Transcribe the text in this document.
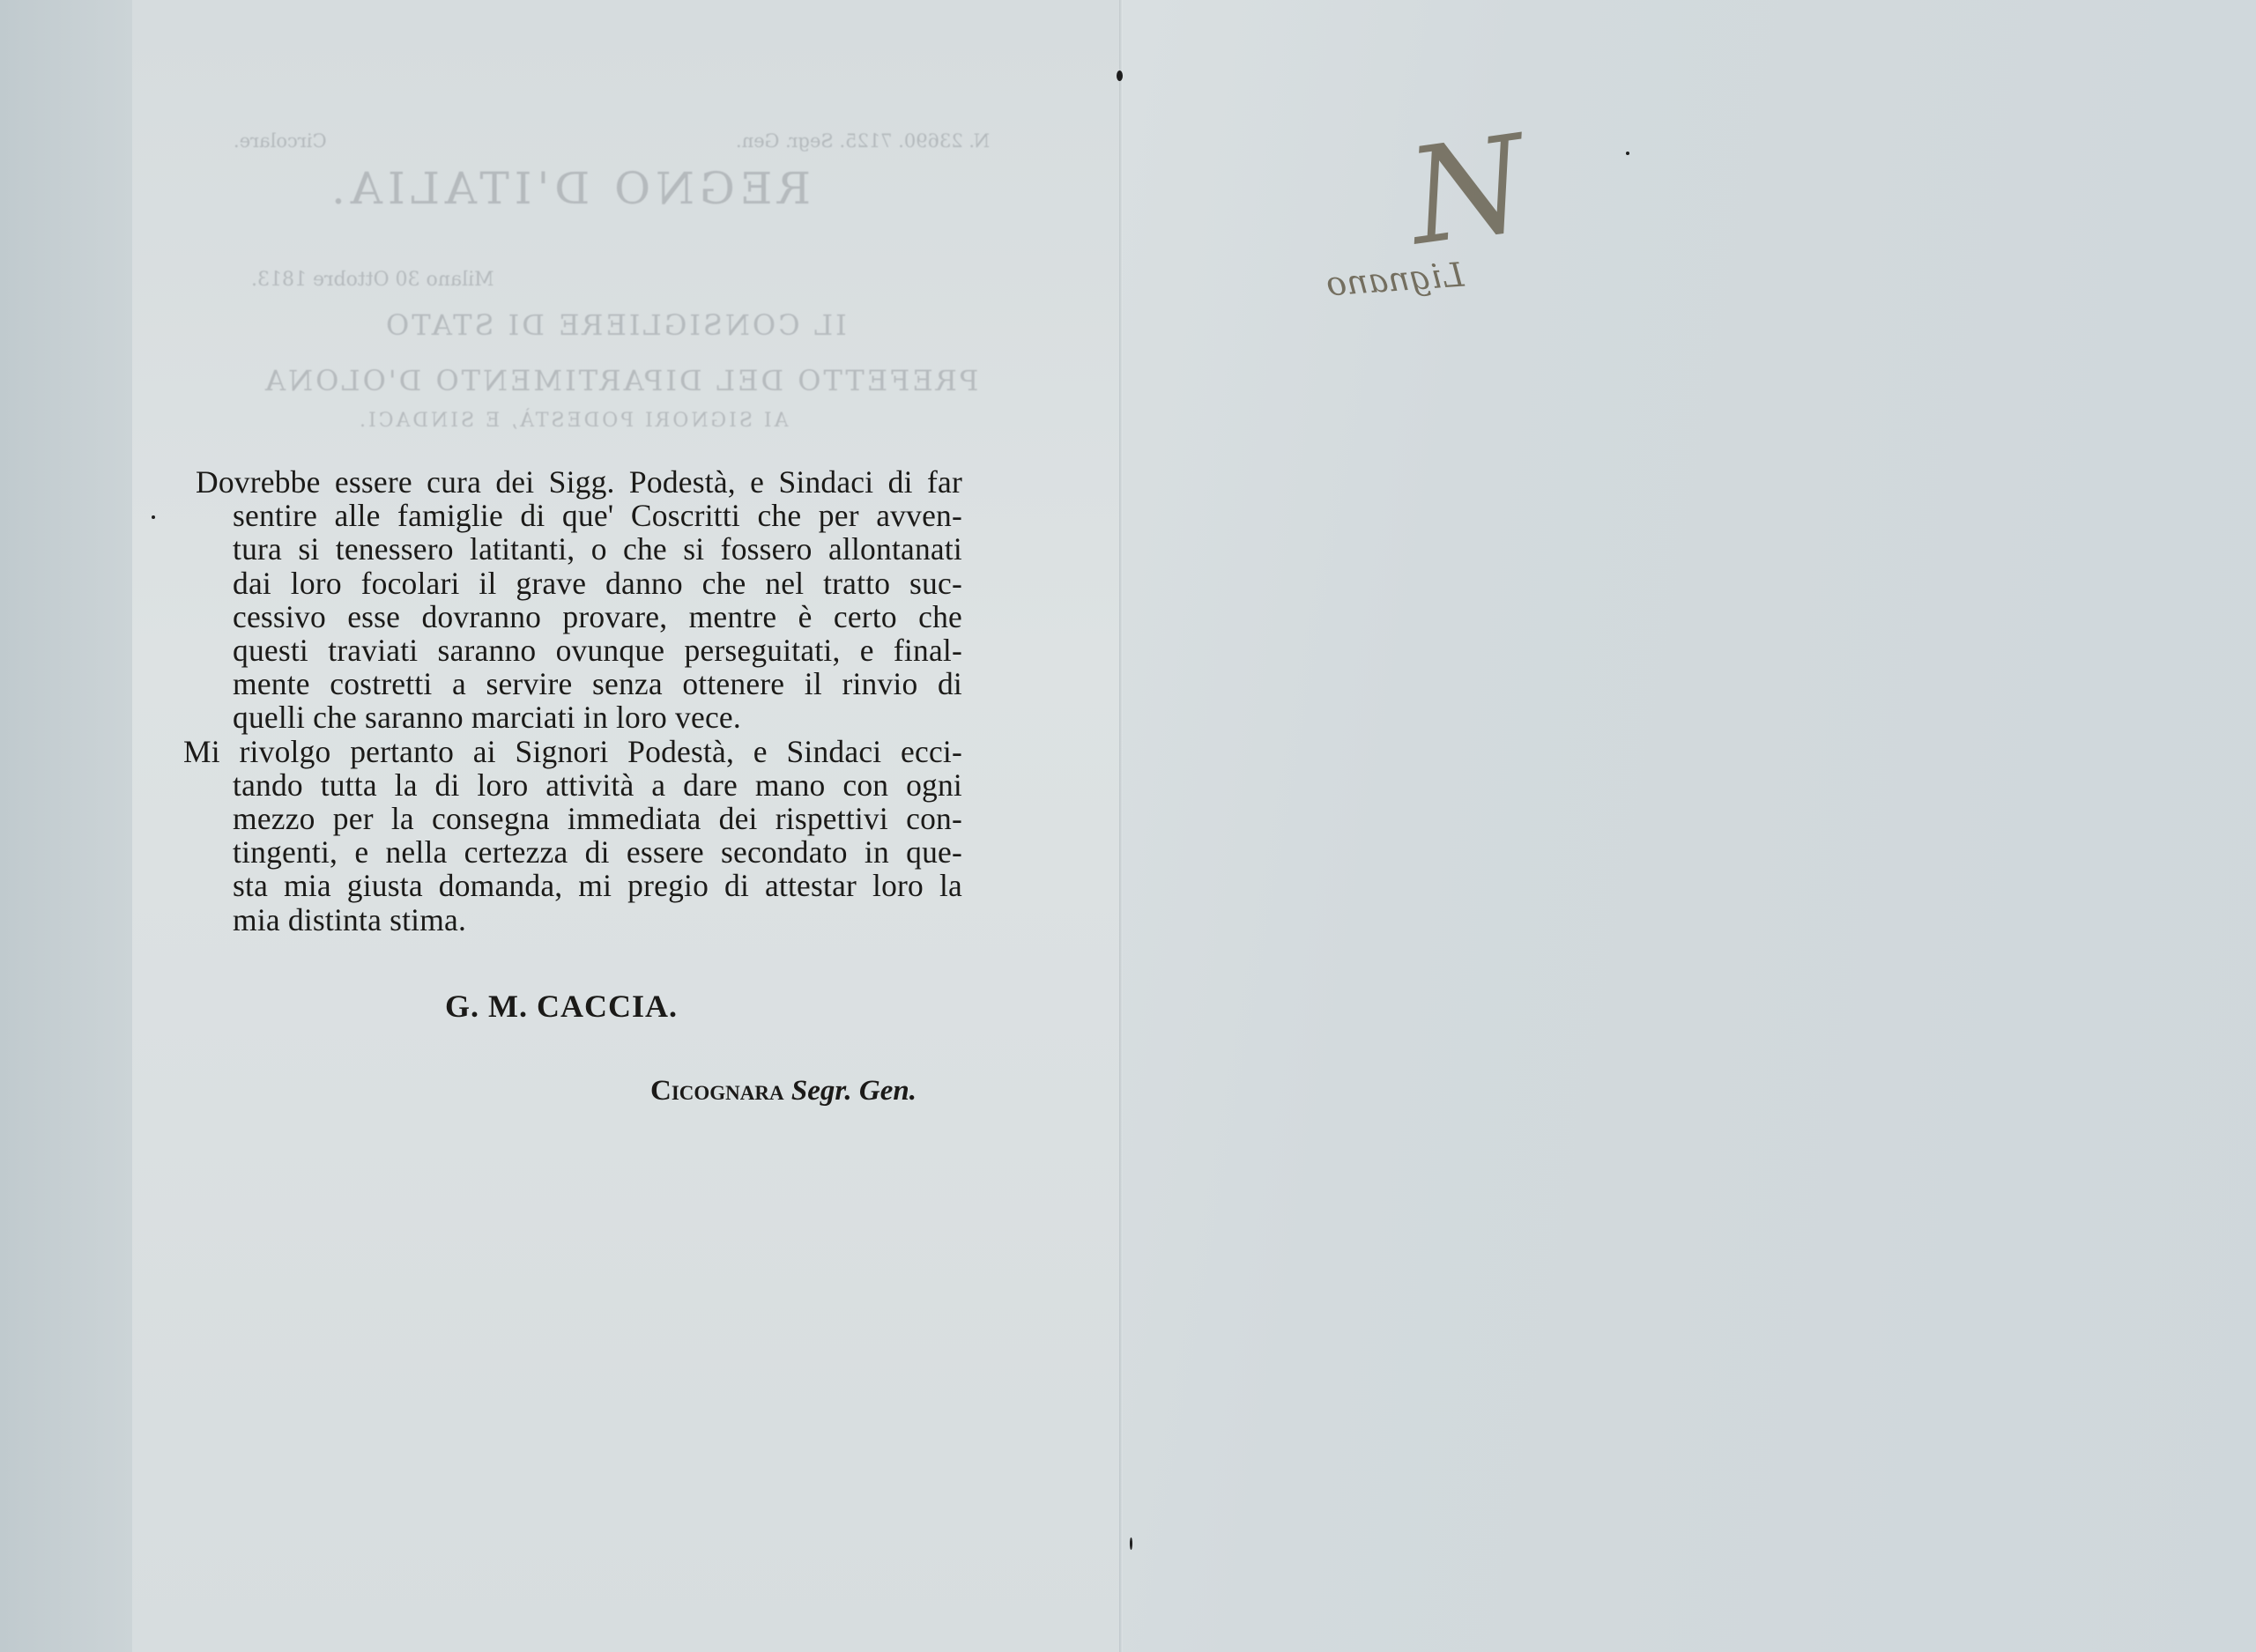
N. 23690. 7125. Segr. Gen.
Circolare.
REGNO D'ITALIA.
Milano 30 Ottobre 1813.
IL CONSIGLIERE DI STATO
PREFETTO DEL DIPARTIMENTO D'OLONA
AI SIGNORI PODESTÀ, E SINDACI.
Dovrebbe essere cura dei Sigg. Podestà, e Sindaci di far
sentire alle famiglie di que' Coscritti che per avven-
tura si tenessero latitanti, o che si fossero allontanati
dai loro focolari il grave danno che nel tratto suc-
cessivo esse dovranno provare, mentre è certo che
questi traviati saranno ovunque perseguitati, e final-
mente costretti a servire senza ottenere il rinvio di
quelli che saranno marciati in loro vece.
Mi rivolgo pertanto ai Signori Podestà, e Sindaci ecci-
tando tutta la di loro attività a dare mano con ogni
mezzo per la consegna immediata dei rispettivi con-
tingenti, e nella certezza di essere secondato in que-
sta mia giusta domanda, mi pregio di attestar loro la
mia distinta stima.
G. M. CACCIA.
Cicognara Segr. Gen.
N
Lignano
